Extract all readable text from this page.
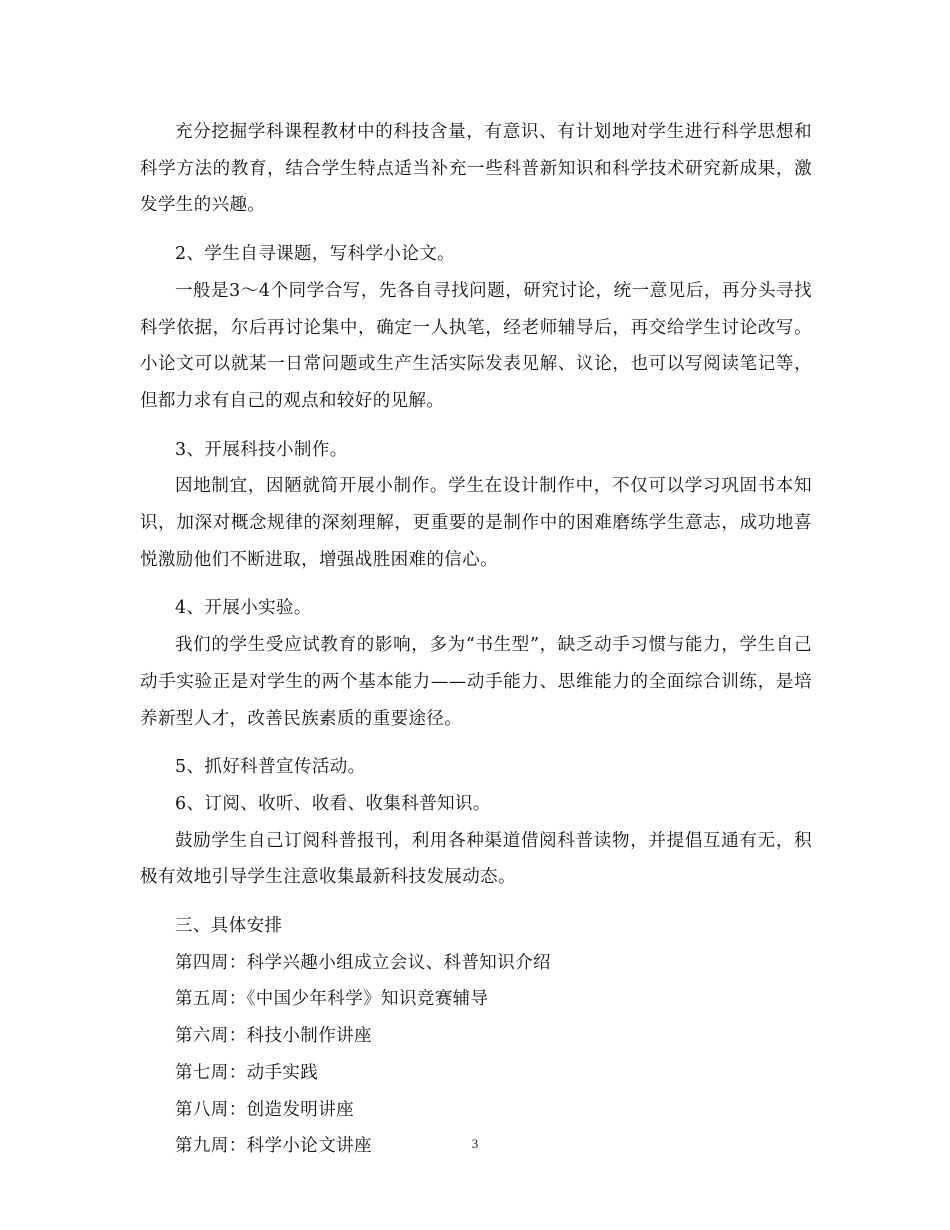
充分挖掘学科课程教材中的科技含量，有意识、有计划地对学生进行科学思想和科学方法的教育，结合学生特点适当补充一些科普新知识和科学技术研究新成果，激发学生的兴趣。

2、学生自寻课题，写科学小论文。

一般是3～4个同学合写，先各自寻找问题，研究讨论，统一意见后，再分头寻找科学依据，尔后再讨论集中，确定一人执笔，经老师辅导后，再交给学生讨论改写。小论文可以就某一日常问题或生产生活实际发表见解、议论，也可以写阅读笔记等，但都力求有自己的观点和较好的见解。

3、开展科技小制作。

因地制宜，因陋就简开展小制作。学生在设计制作中，不仅可以学习巩固书本知识，加深对概念规律的深刻理解，更重要的是制作中的困难磨练学生意志，成功地喜悦激励他们不断进取，增强战胜困难的信心。

4、开展小实验。

我们的学生受应试教育的影响，多为“书生型”，缺乏动手习惯与能力，学生自己动手实验正是对学生的两个基本能力——动手能力、思维能力的全面综合训练，是培养新型人才，改善民族素质的重要途径。

5、抓好科普宣传活动。

6、订阅、收听、收看、收集科普知识。

鼓励学生自己订阅科普报刊，利用各种渠道借阅科普读物，并提倡互通有无，积极有效地引导学生注意收集最新科技发展动态。

三、具体安排

第四周：科学兴趣小组成立会议、科普知识介绍

第五周：《中国少年科学》知识竞赛辅导

第六周：科技小制作讲座

第七周：动手实践

第八周：创造发明讲座

第九周：科学小论文讲座	3
